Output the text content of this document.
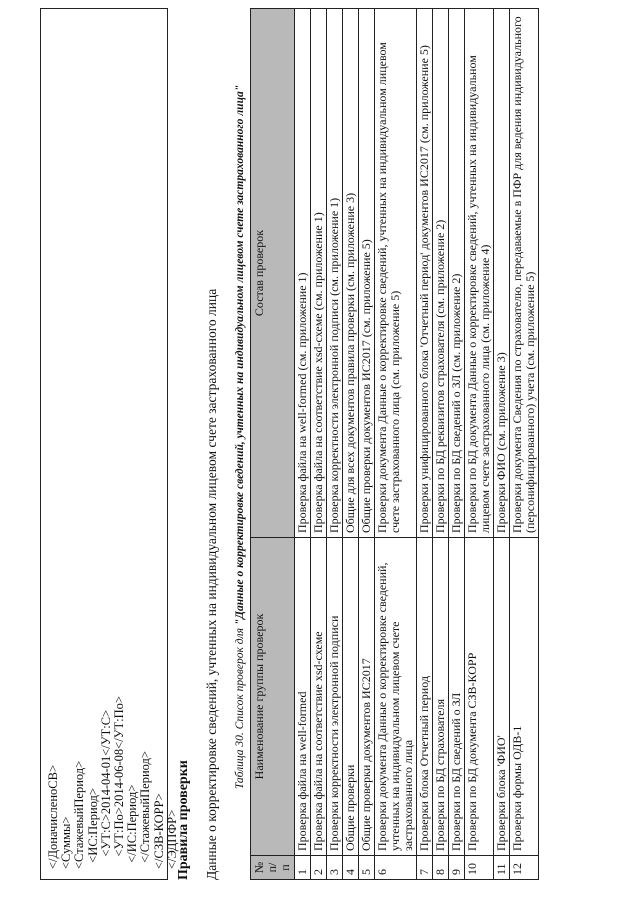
</ДоначисленоСВ> <Суммы> <СтажевыйПериод> <ИС:Период> <УТ:С>2014-04-01</УТ:С> <УТ:По>2014-06-08</УТ:По> </ИС:Период> </СтажевыйПериод> </СЗВ-КОРР> </ЭДПФР>
Правила проверки Данные о корректировке сведений, учтенных на индивидуальном лицевом счете застрахованного лица Таблица 30. Список проверок для "Данные о корректировке сведений, учтенных на индивидуальном лицевом счете застрахованного лица"
№ п/п	Наименование группы проверок	Состав проверок
1	Проверка файла на well-formed	Проверка файла на well-formed (см. приложение 1)
2	Проверка файла на соответствие xsd-схеме	Проверка файла на соответствие xsd-схеме (см. приложение 1)
3	Проверки корректности электронной подписи	Проверка корректности электронной подписи (см. приложение 1)
4	Общие проверки	Общие для всех документов правила проверки (см. приложение 3)
5	Общие проверки документов ИС2017	Общие проверки документов ИС2017 (см. приложение 5)
6	Проверки документа Данные о корректировке сведений, учтенных на индивидуальном лицевом счете застрахованного лица	Проверки документа Данные о корректировке сведений, учтенных на индивидуальном лицевом счете застрахованного лица (см. приложение 5)
7	Проверки блока Отчетный период	Проверки унифицированного блока 'Отчетный период' документов ИС2017 (см. приложение 5)
8	Проверки по БД страхователя	Проверки по БД реквизитов страхователя (см. приложение 2)
9	Проверки по БД сведений о ЗЛ	Проверки по БД сведений о ЗЛ (см. приложение 2)
10	Проверки по БД документа СЗВ-КОРР	Проверки по БД документа Данные о корректировке сведений, учтенных на индивидуальном лицевом счете застрахованного лица (см. приложение 4)
11	Проверки блока 'ФИО'	Проверки ФИО (см. приложение 3)
12	Проверки формы ОДВ-1	Проверки документа Сведения по страхователю, передаваемые в ПФР для ведения индивидуального (персонифицированного) учета (см. приложение 5)
